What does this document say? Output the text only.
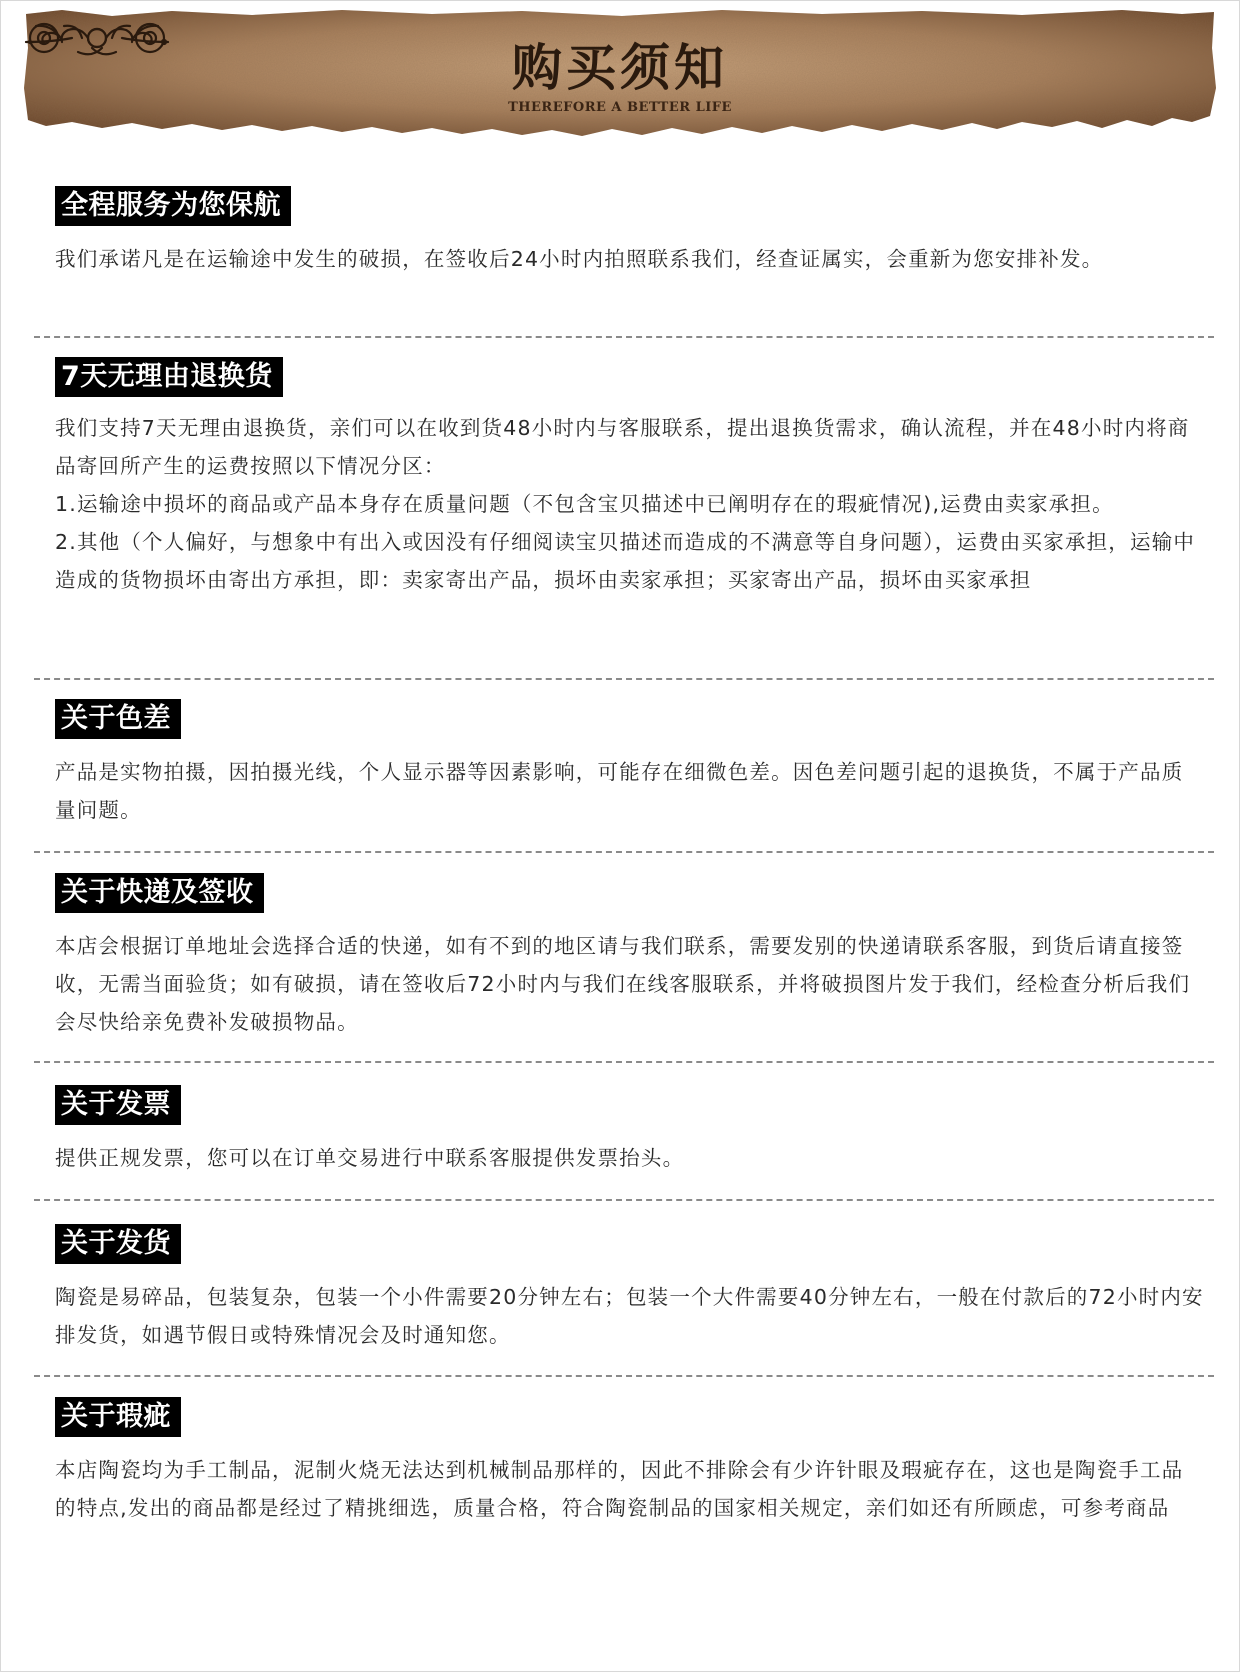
购买须知
THEREFORE A BETTER LIFE
全程服务为您保航

我们承诺凡是在运输途中发生的破损，在签收后24小时内拍照联系我们，经查证属实，会重新为您安排补发。

7天无理由退换货

我们支持7天无理由退换货，亲们可以在收到货48小时内与客服联系，提出退换货需求，确认流程，并在48小时内将商品寄回所产生的运费按照以下情况分区：

1.运输途中损坏的商品或产品本身存在质量问题（不包含宝贝描述中已阐明存在的瑕疵情况),运费由卖家承担。

2.其他（个人偏好，与想象中有出入或因没有仔细阅读宝贝描述而造成的不满意等自身问题），运费由买家承担，运输中造成的货物损坏由寄出方承担，即：卖家寄出产品，损坏由卖家承担；买家寄出产品，损坏由买家承担

关于色差

产品是实物拍摄，因拍摄光线，个人显示器等因素影响，可能存在细微色差。因色差问题引起的退换货，不属于产品质量问题。

关于快递及签收

本店会根据订单地址会选择合适的快递，如有不到的地区请与我们联系，需要发别的快递请联系客服，到货后请直接签收，无需当面验货；如有破损，请在签收后72小时内与我们在线客服联系，并将破损图片发于我们，经检查分析后我们会尽快给亲免费补发破损物品。

关于发票

提供正规发票，您可以在订单交易进行中联系客服提供发票抬头。

关于发货

陶瓷是易碎品，包装复杂，包装一个小件需要20分钟左右；包装一个大件需要40分钟左右，一般在付款后的72小时内安排发货，如遇节假日或特殊情况会及时通知您。

关于瑕疵

本店陶瓷均为手工制品，泥制火烧无法达到机械制品那样的，因此不排除会有少许针眼及瑕疵存在，这也是陶瓷手工品的特点,发出的商品都是经过了精挑细选，质量合格，符合陶瓷制品的国家相关规定，亲们如还有所顾虑，可参考商品
